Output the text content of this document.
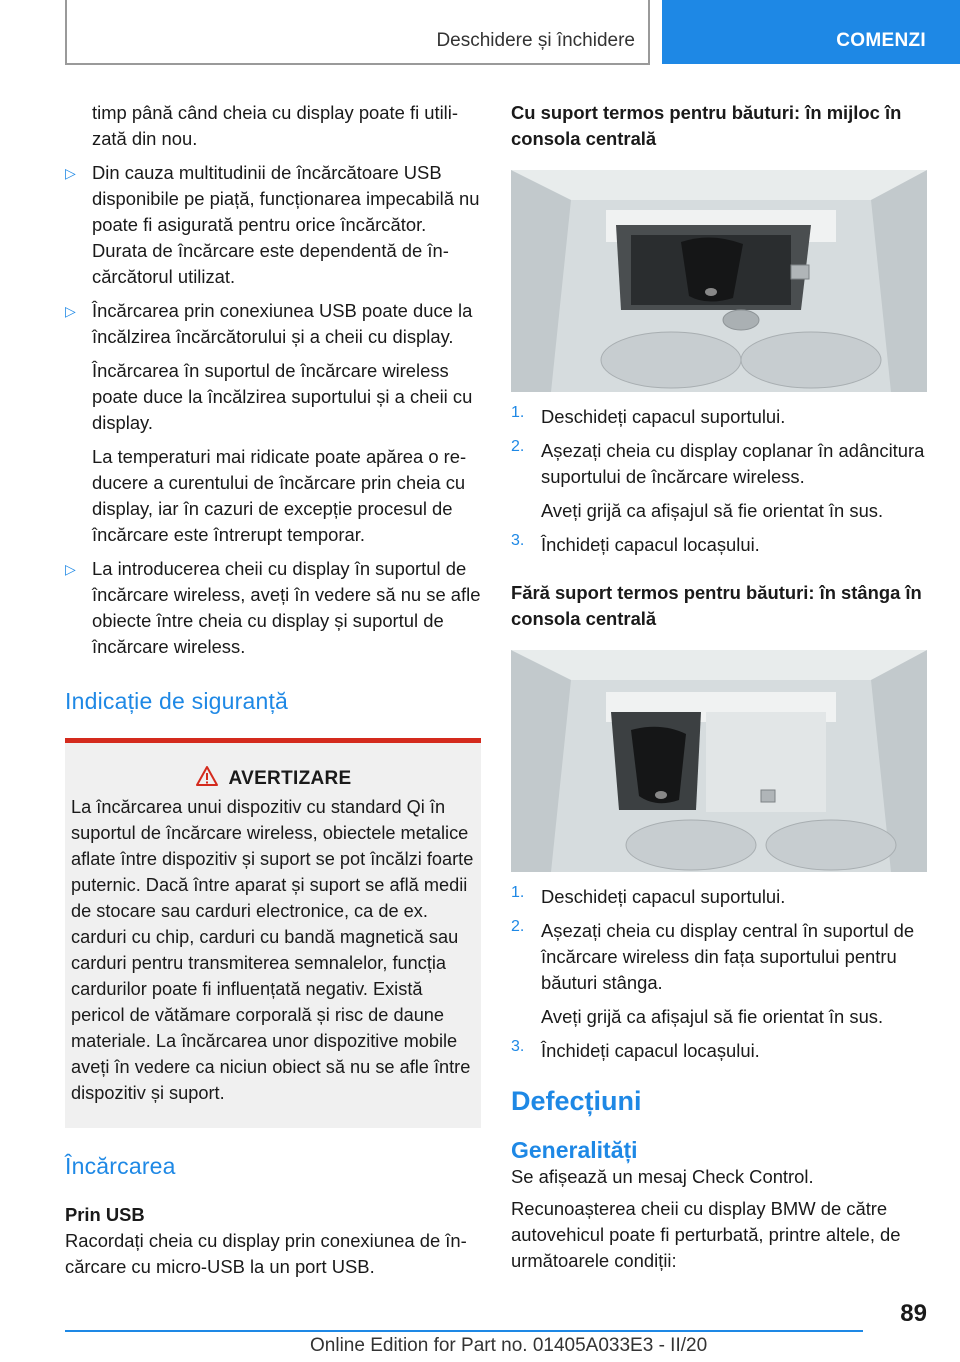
Deschidere și închidere	COMENZI

timp până când cheia cu display poate fi utilizată din nou.

▷ Din cauza multitudinii de încărcătoare USB disponibile pe piață, funcționarea impecabilă nu poate fi asigurată pentru orice încărcător. Durata de încărcare este dependentă de încărcătorul utilizat.

▷ Încărcarea prin conexiunea USB poate duce la încălzirea încărcătorului și a cheii cu display.

Încărcarea în suportul de încărcare wireless poate duce la încălzirea suportului și a cheii cu display.

La temperaturi mai ridicate poate apărea o reducere a curentului de încărcare prin cheia cu display, iar în cazuri de excepție procesul de încărcare este întrerupt temporar.

▷ La introducerea cheii cu display în suportul de încărcare wireless, aveți în vedere să nu se afle obiecte între cheia cu display și suportul de încărcare wireless.

Indicație de siguranță
AVERTIZARE

La încărcarea unui dispozitiv cu standard Qi în suportul de încărcare wireless, obiectele metalice aflate între dispozitiv și suport se pot încălzi foarte puternic. Dacă între aparat și suport se află medii de stocare sau carduri electronice, ca de ex. carduri cu chip, carduri cu bandă magnetică sau carduri pentru transmiterea semnalelor, funcția cardurilor poate fi influențată negativ. Există pericol de vătămare corporală și risc de daune materiale. La încărcarea unor dispozitive mobile aveți în vedere ca niciun obiect să nu se afle între dispozitiv și suport.

Încărcarea
Prin USB

Racordați cheia cu display prin conexiunea de încărcare cu micro-USB la un port USB.

Cu suport termos pentru băuturi: în mijloc în consola centrală
1. Deschideți capacul suportului.

2. Așezați cheia cu display coplanar în adâncitura suportului de încărcare wireless.

Aveți grijă ca afișajul să fie orientat în sus.

3. Închideți capacul locașului.

Fără suport termos pentru băuturi: în stânga în consola centrală
1. Deschideți capacul suportului.

2. Așezați cheia cu display central în suportul de încărcare wireless din fața suportului pentru băuturi stânga.

Aveți grijă ca afișajul să fie orientat în sus.

3. Închideți capacul locașului.

Defecțiuni
Generalități

Se afișează un mesaj Check Control.

Recunoașterea cheii cu display BMW de către autovehicul poate fi perturbată, printre altele, de următoarele condiții:

89
Online Edition for Part no. 01405A033E3 - II/20
